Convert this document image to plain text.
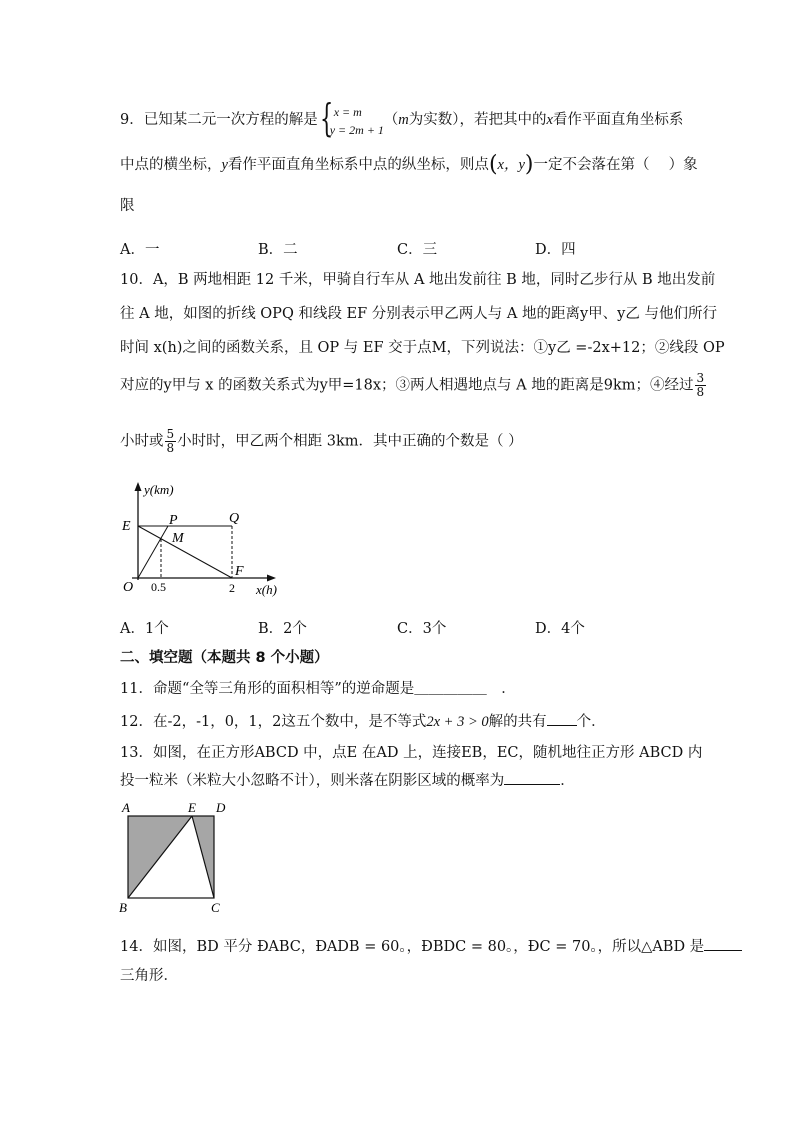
9．已知某二元一次方程的解是 { x = m
y = 2m + 1
（m为实数），若把其中的x看作平面直角坐标系
中点的横坐标，y看作平面直角坐标系中点的纵坐标，则点(x，y)一定不会落在第（　 ）象
限
A．一	B．二	C．三	D．四
10．A，B 两地相距 12 千米，甲骑自行车从 A 地出发前往 B 地，同时乙步行从 B 地出发前
往 A 地，如图的折线 OPQ 和线段 EF 分别表示甲乙两人与 A 地的距离y甲、y乙 与他们所行
时间 x(h)之间的函数关系，且 OP 与 EF 交于点M，下列说法：①y乙 =-2x+12；②线段 OP
对应的y甲与 x 的函数关系式为y甲=18x；③两人相遇地点与 A 地的距离是9km；④经过 $\frac{3}{8}$
小时或 $\frac{5}{8}$ 小时时，甲乙两个相距 3km．其中正确的个数是（ ）
y(km)
E	P	Q
M
O
F
0.5	2 x(h)
A．1个	B．2个	C．3个	D．4个
二、填空题（本题共 8 个小题）
11．命题“全等三角形的面积相等”的逆命题是＿＿＿＿＿　．
12．在-2，-1，0，1，2这五个数中，是不等式2x + 3 > 0解的共有 个．
13．如图，在正方形ABCD 中，点E 在AD 上，连接EB，EC，随机地往正方形 ABCD 内
投一粒米（米粒大小忽略不计），则米落在阴影区域的概率为	．
A	E D
B	C
14．如图，BD 平分 ÐABC，ÐADB = 60。，ÐBDC = 80。，ÐC = 70。，所以△ABD 是
三角形．
